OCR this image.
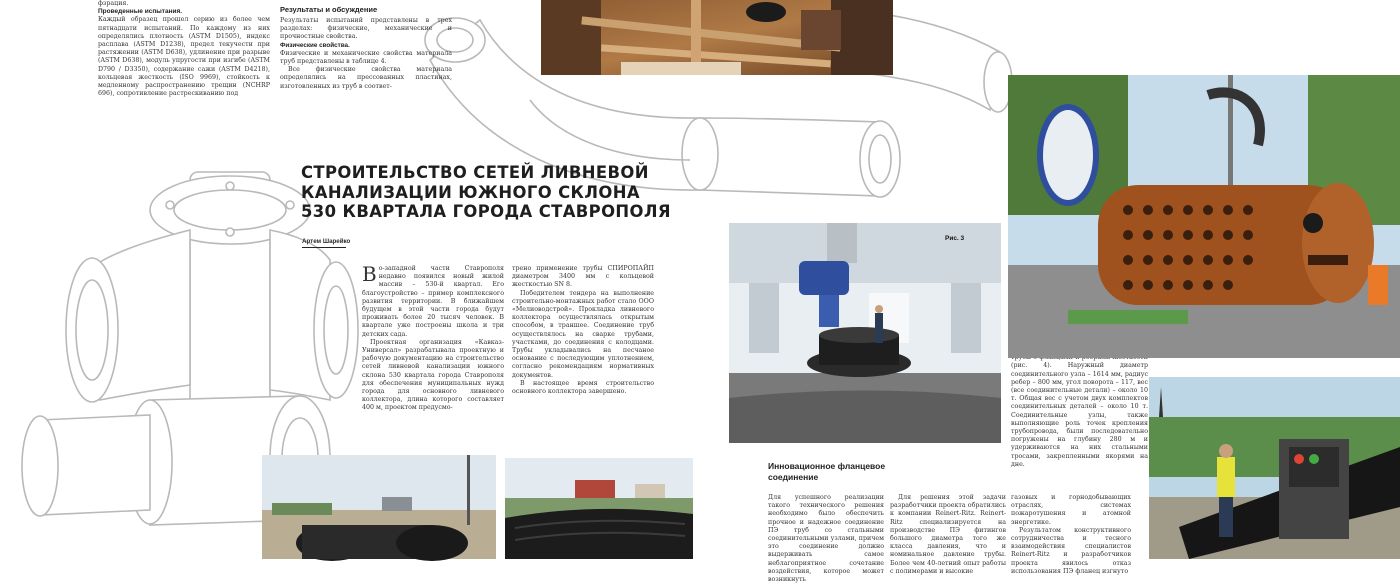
фзрация.
Проведенные испытания.
Каждый образец прошел серию из более чем пятнадцати испытаний. По каждому из них определялись плотность (ASTM D1505), индекс расплава (ASTM D1238), предел текучести при растяжении (ASTM D638), удлинение при разрыве (ASTM D638), модуль упругости при изгибе (ASTM D790 / D3350), содержание сажи (ASTM D4218), кольцевая жесткость (ISO 9969), стойкость к медленному распространению трещин (NCHRP 696), сопротивление растрескиванию под
Результаты и обсуждение
Результаты испытаний представлены в трех разделах: физические, механические и прочностные свойства.
Физические свойства.
Физические и механические свойства материала труб представлены в таблице 4.
Все физические свойства материала определялись на прессованных пластинах, изготовленных из труб в соответ-
СТРОИТЕЛЬСТВО СЕТЕЙ ЛИВНЕВОЙ
КАНАЛИЗАЦИИ ЮЖНОГО СКЛОНА
530 КВАРТАЛА ГОРОДА СТАВРОПОЛЯ
Артем Шарейко
В о-западной части Ставрополя недавно появился новый жилой массив – 530-й квартал. Его благоустройство – пример комплексного развития территории. В ближайшем будущем в этой части города будут проживать более 20 тысяч человек. В квартале уже построены школа и три детских сада.
Проектная организация «Кавказ-Универсал» разрабатывала проектную и рабочую документацию на строительство сетей ливневой канализации южного склона 530 квартала города Ставрополя для обеспечения муниципальных нужд города для основного ливневого коллектора, длина которого составляет 400 м, проектом предусмо-
трено применение трубы СПИРОПАЙП диаметром 3400 мм с кольцевой жесткостью SN 8.
Победителем тендера на выполнение строительно-монтажных работ стало ООО «Мелиоводстрой». Прокладка ливневого коллектора осуществлялась открытым способом, в траншее. Соединение труб осуществлялось на сварке трубами, участками, до соединения с колодцами. Трубы укладывались на песчаное основание с последующим уплотнением, согласно рекомендациям нормативных документов.
В настоящее время строительство основного коллектора завершено.
Рис. 3
(рис. 4). Наружный диаметр соединительного узла – 1614 мм, радиус ребер – 800 мм, угол поворота – 117, вес (все соединительные детали) – около 10 т. Общая вес с учетом двух комплектов соединительных деталей – около 10 т. Соединительные узлы, также выполняющие роль точек крепления трубопровода, были последовательно погружены на глубину 280 м и удерживаются на них стальными тросами, закрепленными якорями на дне.
Инновационное фланцевое
соединение
Для успешного реализации такого технического решения необходимо было обеспечить прочное и надежное соединение ПЭ труб со стальными соединительными узлами, причем это соединение должно выдерживать самое неблагоприятное сочетание воздействия, которое может возникнуть
Для решения этой задачи разработчики проекта обратились к компании Reinert-Ritz. Reinert-Ritz специализируется на производстве ПЭ фитингов большого диаметра того же класса давления, что и номинальное давление трубы. Более чем 40-летний опыт работы с полимерами и высокие
газовых и горнодобывающих отраслях, системах пожаротушения и атомной энергетике.
Результатом конструктивного сотрудничества и тесного взаимодействия специалистов Reinert-Ritz и разработчиков проекта явилось отказ использования ПЭ фланец изгнуто
